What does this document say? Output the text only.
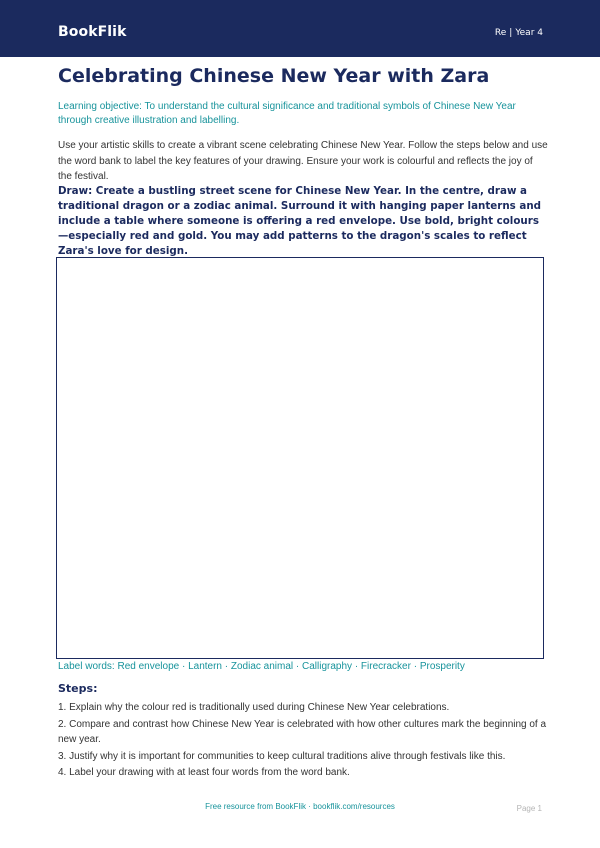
BookFlik	Re | Year 4
Celebrating Chinese New Year with Zara
Learning objective: To understand the cultural significance and traditional symbols of Chinese New Year through creative illustration and labelling.
Use your artistic skills to create a vibrant scene celebrating Chinese New Year. Follow the steps below and use the word bank to label the key features of your drawing. Ensure your work is colourful and reflects the joy of the festival.
Draw: Create a bustling street scene for Chinese New Year. In the centre, draw a traditional dragon or a zodiac animal. Surround it with hanging paper lanterns and include a table where someone is offering a red envelope. Use bold, bright colours—especially red and gold. You may add patterns to the dragon's scales to reflect Zara's love for design.
Label words: Red envelope · Lantern · Zodiac animal · Calligraphy · Firecracker · Prosperity
Steps:
1. Explain why the colour red is traditionally used during Chinese New Year celebrations.
2. Compare and contrast how Chinese New Year is celebrated with how other cultures mark the beginning of a new year.
3. Justify why it is important for communities to keep cultural traditions alive through festivals like this.
4. Label your drawing with at least four words from the word bank.
Free resource from BookFlik · bookflik.com/resources	Page 1
